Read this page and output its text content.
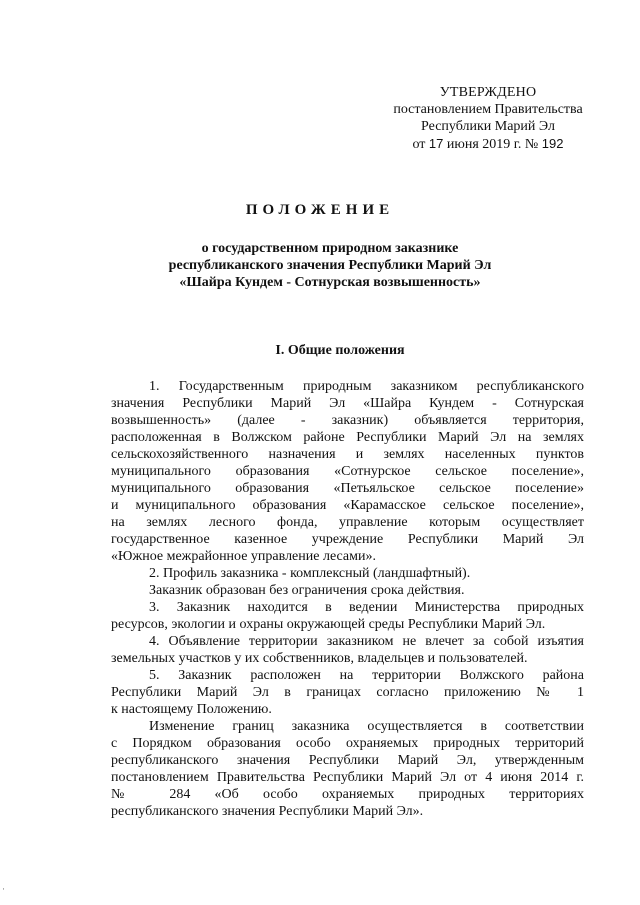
УТВЕРЖДЕНО
постановлением Правительства
Республики Марий Эл
от 17 июня 2019 г. № 192
ПОЛОЖЕНИЕ
о государственном природном заказнике
республиканского значения Республики Марий Эл
«Шайра Кундем - Сотнурская возвышенность»
I. Общие положения
1. Государственным природным заказником республиканского
значения Республики Марий Эл «Шайра Кундем - Сотнурская
возвышенность» (далее - заказник) объявляется территория,
расположенная в Волжском районе Республики Марий Эл на землях
сельскохозяйственного назначения и землях населенных пунктов
муниципального образования «Сотнурское сельское поселение»,
муниципального образования «Петьяльское сельское поселение»
и муниципального образования «Карамасское сельское поселение»,
на землях лесного фонда, управление которым осуществляет
государственное казенное учреждение Республики Марий Эл
«Южное межрайонное управление лесами».
2. Профиль заказника - комплексный (ландшафтный).
Заказник образован без ограничения срока действия.
3. Заказник находится в ведении Министерства природных
ресурсов, экологии и охраны окружающей среды Республики Марий Эл.
4. Объявление территории заказником не влечет за собой изъятия
земельных участков у их собственников, владельцев и пользователей.
5. Заказник расположен на территории Волжского района
Республики Марий Эл в границах согласно приложению № 1
к настоящему Положению.
Изменение границ заказника осуществляется в соответствии
с Порядком образования особо охраняемых природных территорий
республиканского значения Республики Марий Эл, утвержденным
постановлением Правительства Республики Марий Эл от 4 июня 2014 г.
№ 284 «Об особо охраняемых природных территориях
республиканского значения Республики Марий Эл».
·
